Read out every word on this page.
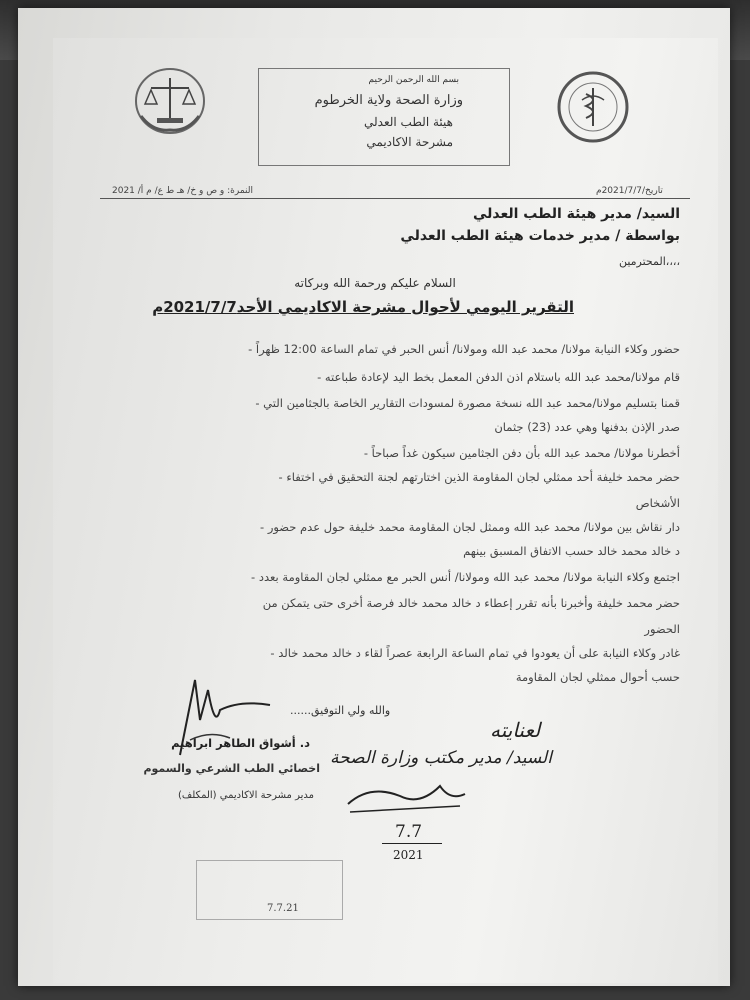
بسم الله الرحمن الرحيم
وزارة الصحة ولاية الخرطوم
هيئة الطب العدلي
مشرحة الاكاديمي
النمرة: و ص و خ/ هـ ط ع/ م أ/ 2021	تاريخ/2021/7/7م
السيد/ مدير هيئة الطب العدلي
بواسطة / مدير خدمات هيئة الطب العدلي
المحترمين،،،،
السلام عليكم ورحمة الله وبركاته
التقرير اليومي لأحوال مشرحة الاكاديمي الأحد2021/7/7م
- حضور وكلاء النيابة مولانا/ محمد عبد الله ومولانا/ أنس الحبر في تمام الساعة 12:00 ظهراً
- قام مولانا/محمد عبد الله باستلام اذن الدفن المعمل بخط اليد لإعادة طباعته
- قمنا بتسليم مولانا/محمد عبد الله نسخة مصورة لمسودات التقارير الخاصة بالجثامين التي
صدر الإذن بدفنها وهي عدد (23) جثمان
- أخطرنا مولانا/ محمد عبد الله بأن دفن الجثامين سيكون غداً صباحاً
- حضر محمد خليفة أحد ممثلي لجان المقاومة الذين اختارتهم لجنة التحقيق في اختفاء
الأشخاص
- دار نقاش بين مولانا/ محمد عبد الله وممثل لجان المقاومة محمد خليفة حول عدم حضور
د خالد محمد خالد حسب الاتفاق المسبق بينهم
- اجتمع وكلاء النيابة مولانا/ محمد عبد الله ومولانا/ أنس الحبر مع ممثلي لجان المقاومة بعدد
حضر محمد خليفة وأخبرنا بأنه تقرر إعطاء د خالد محمد خالد فرصة أخرى حتى يتمكن من
الحضور
- غادر وكلاء النيابة على أن يعودوا في تمام الساعة الرابعة عصراً لقاء د خالد محمد خالد
حسب أحوال ممثلي لجان المقاومة
والله ولي التوفيق......
د. أشواق الطاهر ابراهيم
اخصائي الطب الشرعي والسموم
مدير مشرحة الاكاديمي (المكلف)
لعنايته
السيد/ مدير مكتب وزارة الصحة
7.7
2021
7.7.21
